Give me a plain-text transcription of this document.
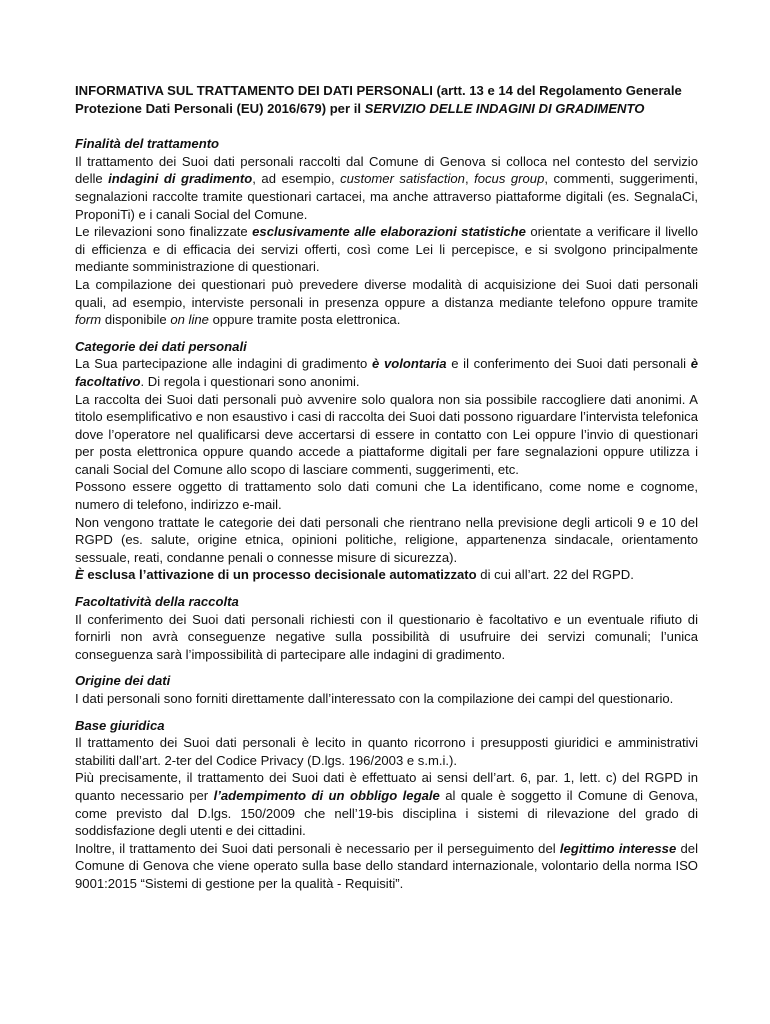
INFORMATIVA SUL TRATTAMENTO DEI DATI PERSONALI (artt. 13 e 14 del Regolamento Generale Protezione Dati Personali (EU) 2016/679) per il SERVIZIO DELLE INDAGINI DI GRADIMENTO

Finalità del trattamento

Il trattamento dei Suoi dati personali raccolti dal Comune di Genova si colloca nel contesto del servizio delle indagini di gradimento, ad esempio, customer satisfaction, focus group, commenti, suggerimenti, segnalazioni raccolte tramite questionari cartacei, ma anche attraverso piattaforme digitali (es. SegnalaCi, ProponiTi) e i canali Social del Comune.

Le rilevazioni sono finalizzate esclusivamente alle elaborazioni statistiche orientate a verificare il livello di efficienza e di efficacia dei servizi offerti, così come Lei li percepisce, e si svolgono principalmente mediante somministrazione di questionari.

La compilazione dei questionari può prevedere diverse modalità di acquisizione dei Suoi dati personali quali, ad esempio, interviste personali in presenza oppure a distanza mediante telefono oppure tramite form disponibile on line oppure tramite posta elettronica.

Categorie dei dati personali

La Sua partecipazione alle indagini di gradimento è volontaria e il conferimento dei Suoi dati personali è facoltativo. Di regola i questionari sono anonimi.

La raccolta dei Suoi dati personali può avvenire solo qualora non sia possibile raccogliere dati anonimi. A titolo esemplificativo e non esaustivo i casi di raccolta dei Suoi dati possono riguardare l’intervista telefonica dove l’operatore nel qualificarsi deve accertarsi di essere in contatto con Lei oppure l’invio di questionari per posta elettronica oppure quando accede a piattaforme digitali per fare segnalazioni oppure utilizza i canali Social del Comune allo scopo di lasciare commenti, suggerimenti, etc.

Possono essere oggetto di trattamento solo dati comuni che La identificano, come nome e cognome, numero di telefono, indirizzo e-mail.

Non vengono trattate le categorie dei dati personali che rientrano nella previsione degli articoli 9 e 10 del RGPD (es. salute, origine etnica, opinioni politiche, religione, appartenenza sindacale, orientamento sessuale, reati, condanne penali o connesse misure di sicurezza).

È esclusa l’attivazione di un processo decisionale automatizzato di cui all’art. 22 del RGPD.

Facoltatività della raccolta

Il conferimento dei Suoi dati personali richiesti con il questionario è facoltativo e un eventuale rifiuto di fornirli non avrà conseguenze negative sulla possibilità di usufruire dei servizi comunali; l’unica conseguenza sarà l’impossibilità di partecipare alle indagini di gradimento.

Origine dei dati

I dati personali sono forniti direttamente dall’interessato con la compilazione dei campi del questionario.

Base giuridica

Il trattamento dei Suoi dati personali è lecito in quanto ricorrono i presupposti giuridici e amministrativi stabiliti dall’art. 2-ter del Codice Privacy (D.lgs. 196/2003 e s.m.i.).

Più precisamente, il trattamento dei Suoi dati è effettuato ai sensi dell’art. 6, par. 1, lett. c) del RGPD in quanto necessario per l’adempimento di un obbligo legale al quale è soggetto il Comune di Genova, come previsto dal D.lgs. 150/2009 che nell’19-bis disciplina i sistemi di rilevazione del grado di soddisfazione degli utenti e dei cittadini.

Inoltre, il trattamento dei Suoi dati personali è necessario per il perseguimento del legittimo interesse del Comune di Genova che viene operato sulla base dello standard internazionale, volontario della norma ISO 9001:2015 “Sistemi di gestione per la qualità - Requisiti”.
